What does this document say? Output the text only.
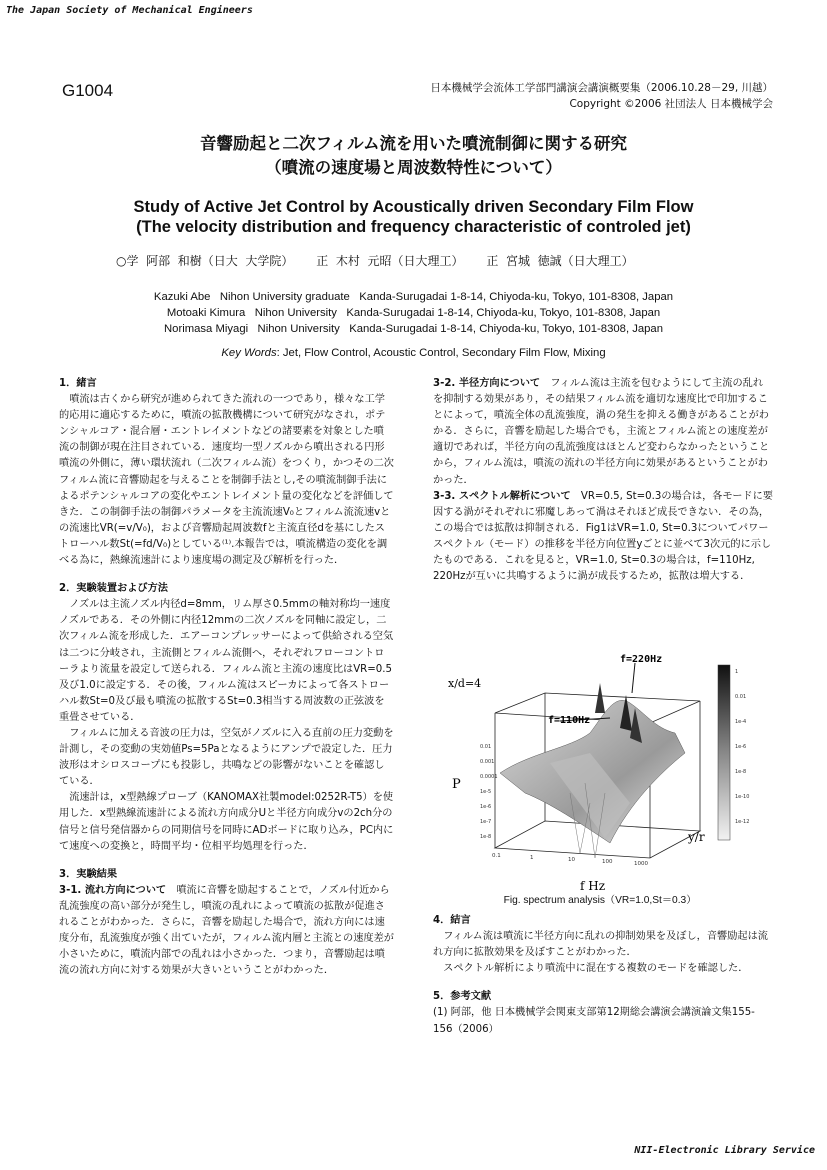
The Japan Society of Mechanical Engineers
G1004	日本機械学会流体工学部門講演会講演概要集（2006.10.28－29, 川越）
Copyright ©2006 社団法人 日本機械学会
音響励起と二次フィルム流を用いた噴流制御に関する研究
（噴流の速度場と周波数特性について）
Study of Active Jet Control by Acoustically driven Secondary Film Flow
(The velocity distribution and frequency characteristic of controled jet)
○学  阿部  和樹（日大  大学院）      正  木村  元昭（日大理工）      正  宮城  徳誠（日大理工）
Kazuki Abe   Nihon University graduate   Kanda-Surugadai 1-8-14, Chiyoda-ku, Tokyo, 101-8308, Japan
Motoaki Kimura   Nihon University   Kanda-Surugadai 1-8-14, Chiyoda-ku, Tokyo, 101-8308, Japan
Norimasa Miyagi   Nihon University   Kanda-Surugadai 1-8-14, Chiyoda-ku, Tokyo, 101-8308, Japan
Key Words: Jet, Flow Control, Acoustic Control, Secondary Film Flow, Mixing

1．緒言

噴流は古くから研究が進められてきた流れの一つであり，様々な工学的応用に適応するために，噴流の拡散機構について研究がなされ，ポテンシャルコア・混合層・エントレイメントなどの諸要素を対象とした噴流の制御が現在注目されている．速度均一型ノズルから噴出される円形噴流の外側に，薄い環状流れ（二次フィルム流）をつくり，かつその二次フィルム流に音響励起を与えることを制御手法とし,その噴流制御手法によるポテンシャルコアの変化やエントレイメント量の変化などを評価してきた．この制御手法の制御パラメータを主流流速V₀とフィルム流流速vとの流速比VR(=v/V₀)，および音響励起周波数fと主流直径dを基にしたストローハル数St(=fd/V₀)としている⁽¹⁾.本報告では，噴流構造の変化を調べる為に，熱線流速計により速度場の測定及び解析を行った．

2．実験装置および方法

ノズルは主流ノズル内径d=8mm，リム厚さ0.5mmの軸対称均一速度ノズルである．その外側に内径12mmの二次ノズルを同軸に設定し，二次フィルム流を形成した．エアーコンプレッサーによって供給される空気は二つに分岐され，主流側とフィルム流側へ，それぞれフローコントローラより流量を設定して送られる．フィルム流と主流の速度比はVR=0.5及び1.0に設定する．その後，フィルム流はスピーカによって各ストローハル数St=0及び最も噴流の拡散するSt=0.3相当する周波数の正弦波を重畳させている．

フィルムに加える音波の圧力は，空気がノズルに入る直前の圧力変動を計測し，その変動の実効値Ps=5Paとなるようにアンプで設定した．圧力波形はオシロスコープにも投影し，共鳴などの影響がないことを確認している．

流速計は，x型熱線プローブ（KANOMAX社製model:0252R-T5）を使用した．x型熱線流速計による流れ方向成分Uと半径方向成分vの2ch分の信号と信号発信器からの同期信号を同時にADボードに取り込み，PC内にて速度への変換と，時間平均・位相平均処理を行った．

3．実験結果

3-1. 流れ方向について　 噴流に音響を励起することで，ノズル付近から乱流強度の高い部分が発生し，噴流の乱れによって噴流の拡散が促進されることがわかった．さらに，音響を励起した場合で，流れ方向には速度分布，乱流強度が強く出ていたが，フィルム流内層と主流との速度差が小さいために，噴流内部での乱れは小さかった．つまり，音響励起は噴流の流れ方向に対する効果が大きいということがわかった．

3-2. 半径方向について　 フィルム流は主流を包むようにして主流の乱れを抑制する効果があり，その結果フィルム流を適切な速度比で印加することによって，噴流全体の乱流強度，渦の発生を抑える働きがあることがわかる．さらに，音響を励起した場合でも，主流とフィルム流との速度差が適切であれば，半径方向の乱流強度はほとんど変わらなかったということから，フィルム流は，噴流の流れの半径方向に効果があるということがわかった．

3-3. スペクトル解析について　 VR=0.5, St=0.3の場合は，各モードに要因する渦がそれぞれに邪魔しあって渦はそれほど成長できない．その為，この場合では拡散は抑制される．Fig1はVR=1.0, St=0.3についてパワースペクトル（モード）の推移を半径方向位置yごとに並べて3次元的に示したものである．これを見ると，VR=1.0, St=0.3の場合は，f=110Hz, 220Hzが互いに共鳴するように渦が成長するため，拡散は増大する．

0.01
0.001
0.0001
1e-5
1e-6
1e-7
1e-8
1
0.01
1e-4
1e-6
1e-8
1e-10
1e-12
0.1	1	10	100	1000
x/d=4
f=220Hz
f=110Hz
P
y/r
f Hz
Fig. spectrum analysis（VR=1.0,St＝0.3）

4．結言

フィルム流は噴流に半径方向に乱れの抑制効果を及ぼし，音響励起は流れ方向に拡散効果を及ぼすことがわかった．

スペクトル解析により噴流中に混在する複数のモードを確認した．

5．参考文献

(1) 阿部，他 日本機械学会関東支部第12期総会講演会講演論文集155-156（2006）

NII-Electronic Library Service
